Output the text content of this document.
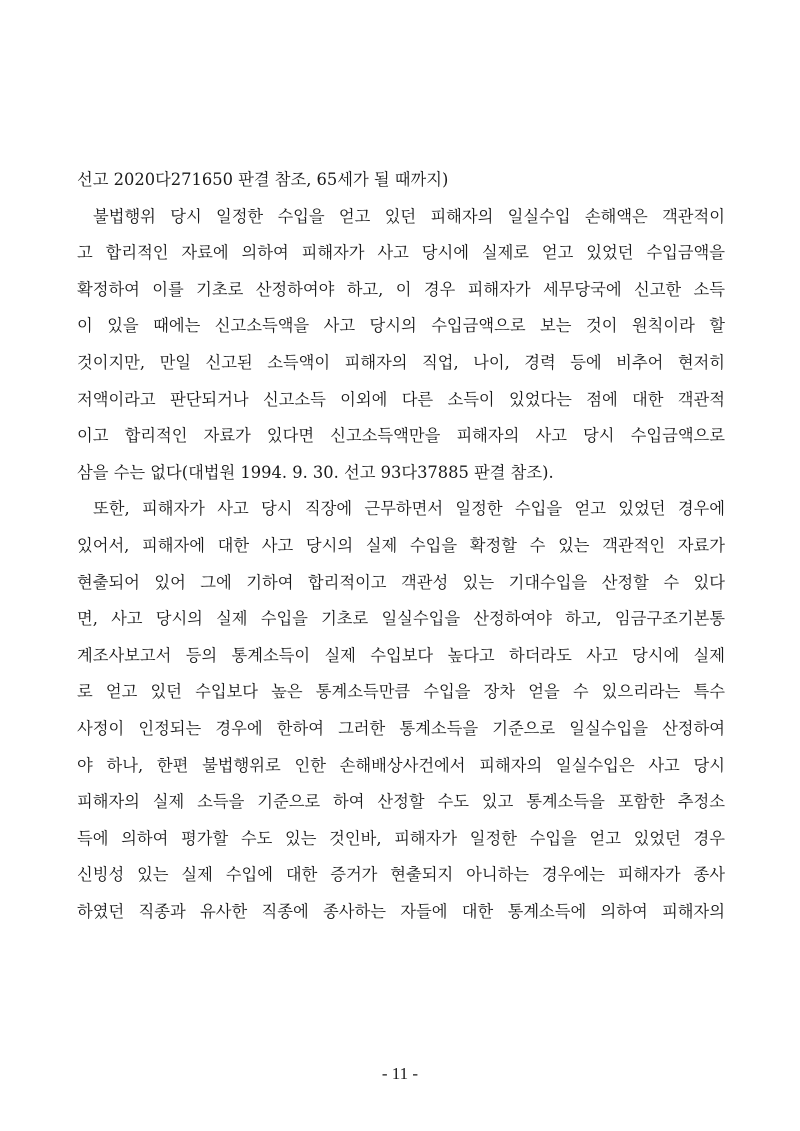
선고 2020다271650 판결 참조, 65세가 될 때까지)
불법행위 당시 일정한 수입을 얻고 있던 피해자의 일실수입 손해액은 객관적이
고 합리적인 자료에 의하여 피해자가 사고 당시에 실제로 얻고 있었던 수입금액을
확정하여 이를 기초로 산정하여야 하고, 이 경우 피해자가 세무당국에 신고한 소득
이 있을 때에는 신고소득액을 사고 당시의 수입금액으로 보는 것이 원칙이라 할
것이지만, 만일 신고된 소득액이 피해자의 직업, 나이, 경력 등에 비추어 현저히
저액이라고 판단되거나 신고소득 이외에 다른 소득이 있었다는 점에 대한 객관적
이고 합리적인 자료가 있다면 신고소득액만을 피해자의 사고 당시 수입금액으로
삼을 수는 없다(대법원 1994. 9. 30. 선고 93다37885 판결 참조).
또한, 피해자가 사고 당시 직장에 근무하면서 일정한 수입을 얻고 있었던 경우에
있어서, 피해자에 대한 사고 당시의 실제 수입을 확정할 수 있는 객관적인 자료가
현출되어 있어 그에 기하여 합리적이고 객관성 있는 기대수입을 산정할 수 있다
면, 사고 당시의 실제 수입을 기초로 일실수입을 산정하여야 하고, 임금구조기본통
계조사보고서 등의 통계소득이 실제 수입보다 높다고 하더라도 사고 당시에 실제
로 얻고 있던 수입보다 높은 통계소득만큼 수입을 장차 얻을 수 있으리라는 특수
사정이 인정되는 경우에 한하여 그러한 통계소득을 기준으로 일실수입을 산정하여
야 하나, 한편 불법행위로 인한 손해배상사건에서 피해자의 일실수입은 사고 당시
피해자의 실제 소득을 기준으로 하여 산정할 수도 있고 통계소득을 포함한 추정소
득에 의하여 평가할 수도 있는 것인바, 피해자가 일정한 수입을 얻고 있었던 경우
신빙성 있는 실제 수입에 대한 증거가 현출되지 아니하는 경우에는 피해자가 종사
하였던 직종과 유사한 직종에 종사하는 자들에 대한 통계소득에 의하여 피해자의
- 11 -
